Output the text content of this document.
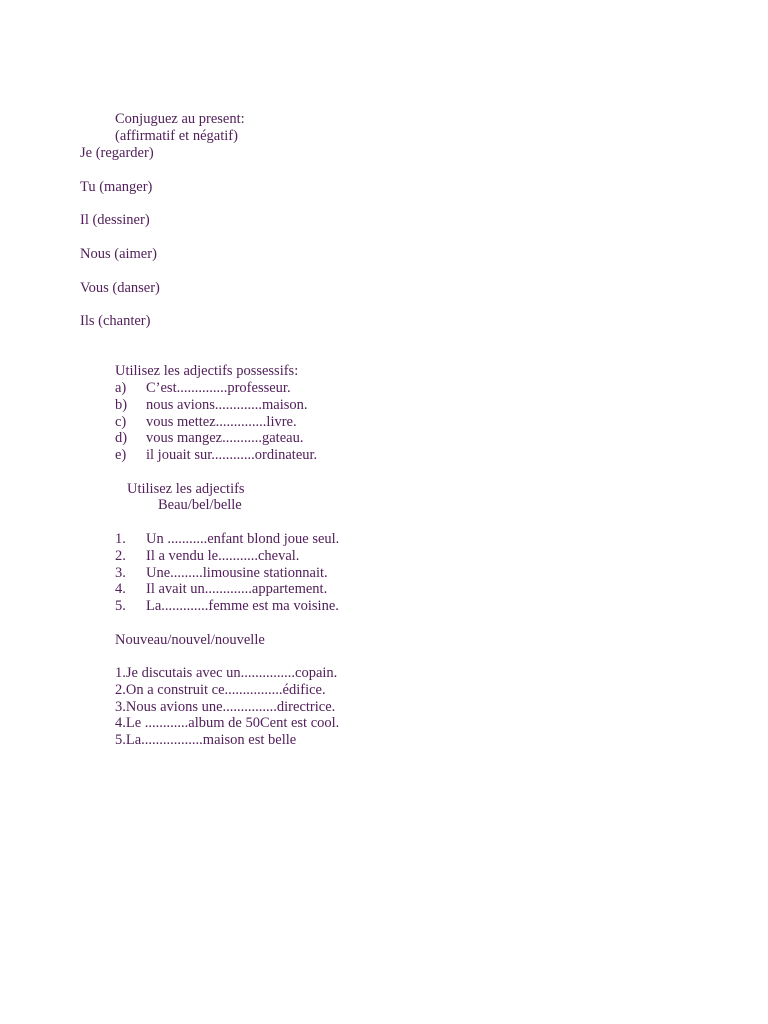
Conjuguez au present:
(affirmatif et négatif)
Je (regarder)
Tu (manger)
Il (dessiner)
Nous (aimer)
Vous (danser)
Ils (chanter)
Utilisez les adjectifs possessifs:
a) C’est..............professeur.
b) nous avions.............maison.
c) vous mettez..............livre.
d) vous mangez...........gateau.
e) il jouait sur............ordinateur.
Utilisez les adjectifs
Beau/bel/belle
1. Un ...........enfant blond joue seul.
2. Il a vendu le...........cheval.
3. Une.........limousine stationnait.
4. Il avait un.............appartement.
5. La.............femme est ma voisine.
Nouveau/nouvel/nouvelle
1.Je discutais avec un...............copain.
2.On a construit ce................édifice.
3.Nous avions une...............directrice.
4.Le ............album de 50Cent est cool.
5.La.................maison est belle
